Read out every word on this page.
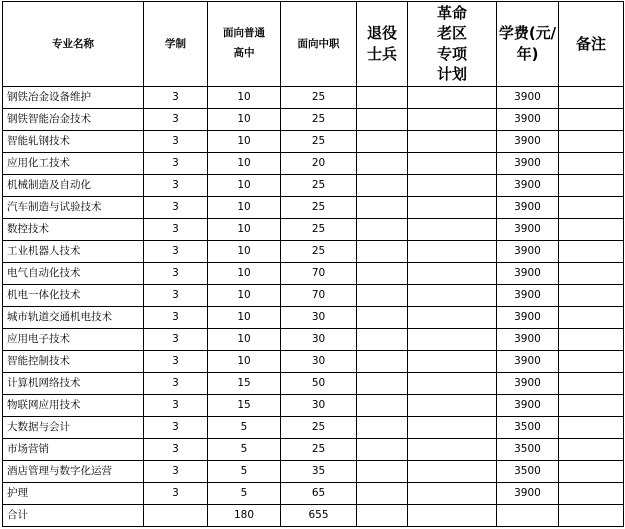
专业名称	学制	面向普通高中	面向中职	退役士兵	革命老区专项计划	学费(元/年)	备注
钢铁冶金设备维护	3	10	25			3900	
钢铁智能冶金技术	3	10	25			3900	
智能轧钢技术	3	10	25			3900	
应用化工技术	3	10	20			3900	
机械制造及自动化	3	10	25			3900	
汽车制造与试验技术	3	10	25			3900	
数控技术	3	10	25			3900	
工业机器人技术	3	10	25			3900	
电气自动化技术	3	10	70			3900	
机电一体化技术	3	10	70			3900	
城市轨道交通机电技术	3	10	30			3900	
应用电子技术	3	10	30			3900	
智能控制技术	3	10	30			3900	
计算机网络技术	3	15	50			3900	
物联网应用技术	3	15	30			3900	
大数据与会计	3	5	25			3500	
市场营销	3	5	25			3500	
酒店管理与数字化运营	3	5	35			3500	
护理	3	5	65			3900	
合计		180	655				
